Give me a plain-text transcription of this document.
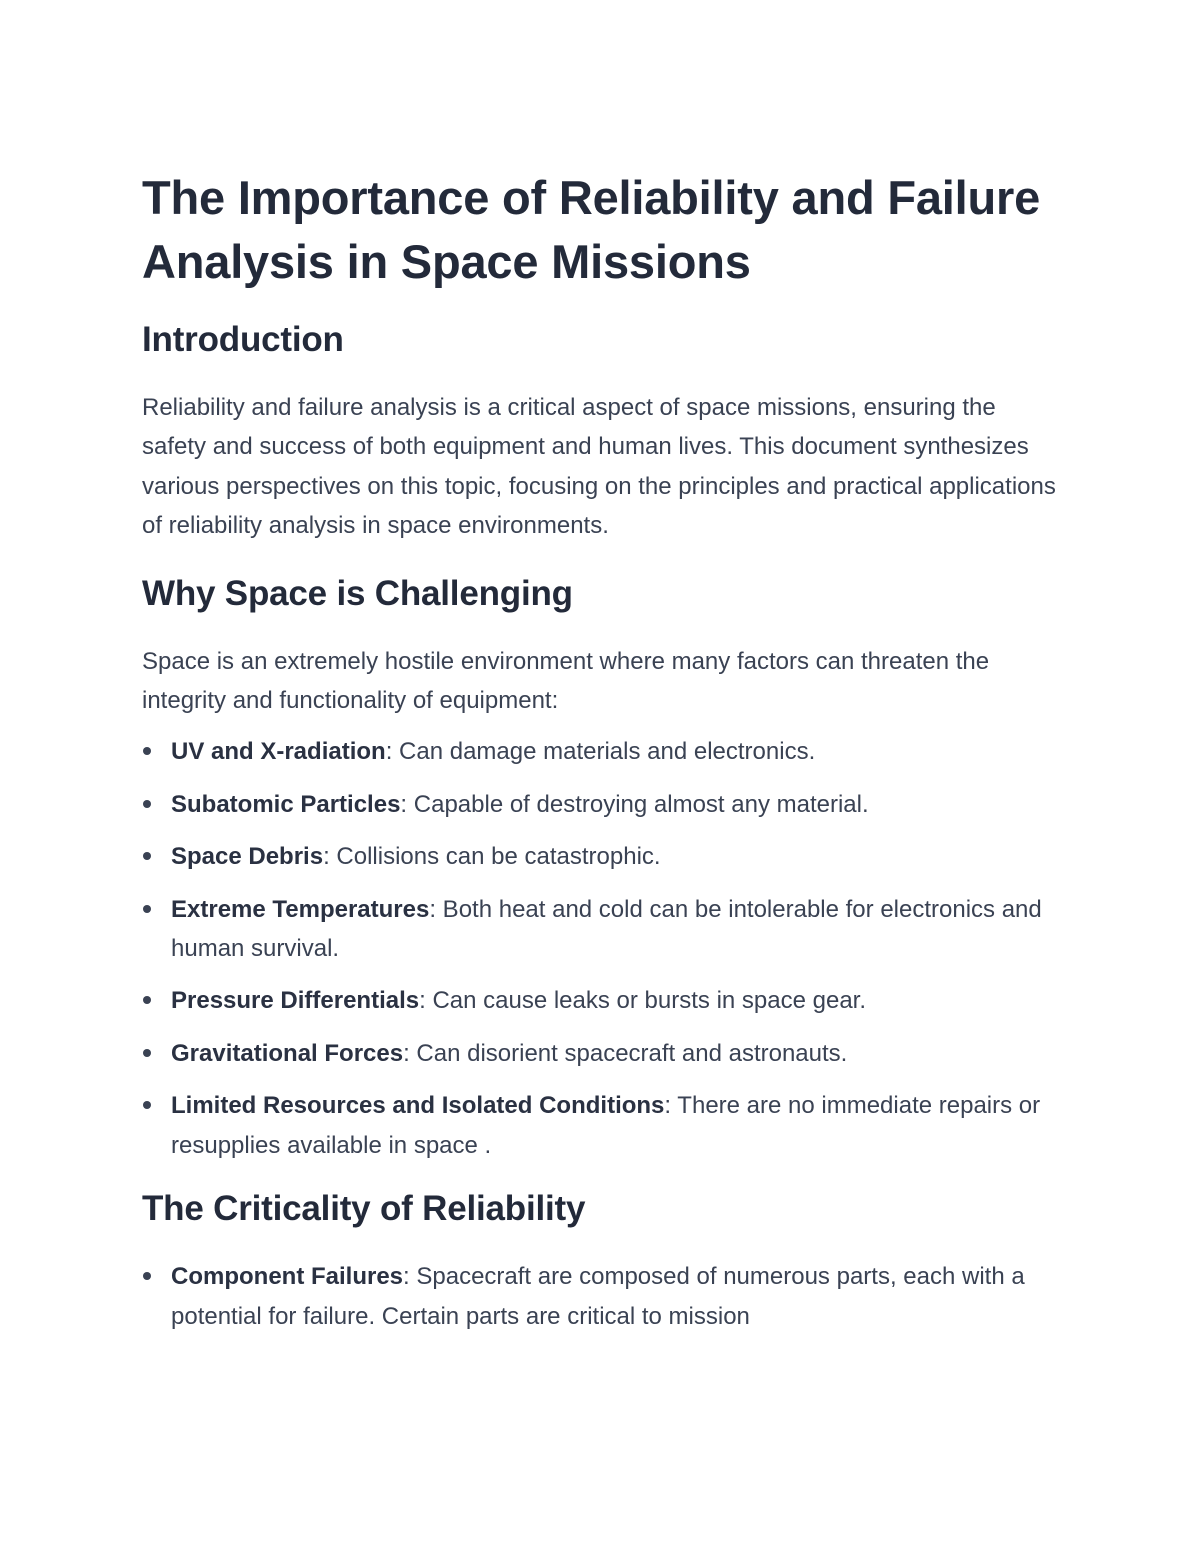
The Importance of Reliability and Failure Analysis in Space Missions
Introduction

Reliability and failure analysis is a critical aspect of space missions, ensuring the safety and success of both equipment and human lives. This document synthesizes various perspectives on this topic, focusing on the principles and practical applications of reliability analysis in space environments.

Why Space is Challenging

Space is an extremely hostile environment where many factors can threaten the integrity and functionality of equipment:

UV and X-radiation: Can damage materials and electronics.
Subatomic Particles: Capable of destroying almost any material.
Space Debris: Collisions can be catastrophic.
Extreme Temperatures: Both heat and cold can be intolerable for electronics and human survival.
Pressure Differentials: Can cause leaks or bursts in space gear.
Gravitational Forces: Can disorient spacecraft and astronauts.
Limited Resources and Isolated Conditions: There are no immediate repairs or resupplies available in space .
The Criticality of Reliability
Component Failures: Spacecraft are composed of numerous parts, each with a potential for failure. Certain parts are critical to mission
